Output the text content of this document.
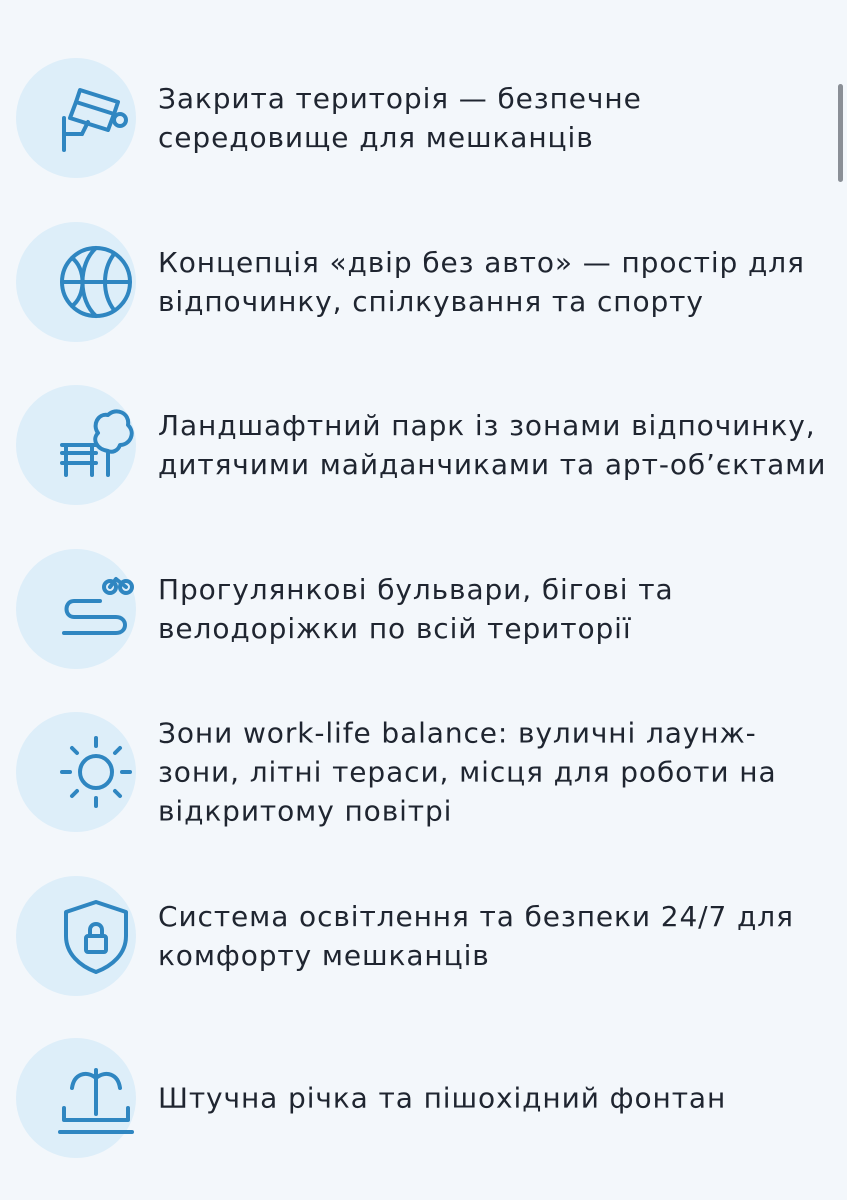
Закрита територія — безпечне середовище для мешканців
Концепція «двір без авто» — простір для відпочинку, спілкування та спорту
Ландшафтний парк із зонами відпочинку, дитячими майданчиками та арт-об’єктами
Прогулянкові бульвари, бігові та велодоріжки по всій території
Зони work-life balance: вуличні лаунж-зони, літні тераси, місця для роботи на відкритому повітрі
Система освітлення та безпеки 24/7 для комфорту мешканців
Штучна річка та пішохідний фонтан
